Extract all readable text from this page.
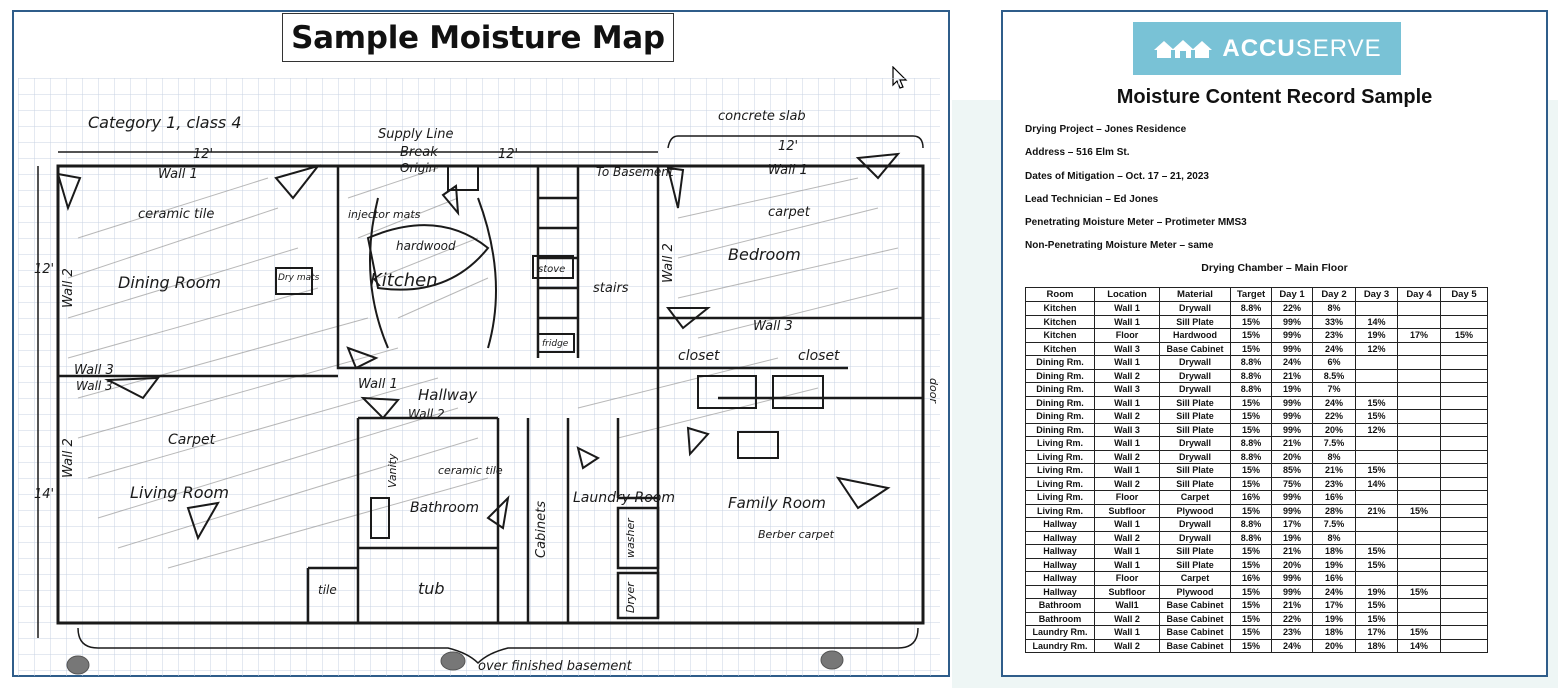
Sample Moisture Map
Category 1, class 4
Supply Line
Break
concrete slab
12'	12'
12'
12'
14'
Wall 1	Wall 1
Wall 1
Wall 2
Wall 2
Wall 2
Wall 2
Wall 3
Wall 3
Wall 3
Origin
ceramic tile
Dining Room	Kitchen
hardwood
injector mats
Dry mats
stove
fridge
stairs
To Basement
Bedroom
carpet
closet	closet
Hallway
Carpet
Living Room
Vanity
Bathroom
ceramic tile
tub
tile
Cabinets
Laundry Room
washer
Dryer
Family Room
Berber carpet
over finished basement
door
ACCU SERVE
Moisture Content Record Sample
Drying Project – Jones Residence
Address – 516 Elm St.
Dates of Mitigation – Oct. 17 – 21, 2023
Lead Technician – Ed Jones
Penetrating Moisture Meter – Protimeter MMS3
Non-Penetrating Moisture Meter – same
Drying Chamber – Main Floor
Room	Location	Material	Target	Day 1	Day 2	Day 3	Day 4	Day 5
Kitchen	Wall 1	Drywall	8.8%	22%	8%			
Kitchen	Wall 1	Sill Plate	15%	99%	33%	14%		
Kitchen	Floor	Hardwood	15%	99%	23%	19%	17%	15%
Kitchen	Wall 3	Base Cabinet	15%	99%	24%	12%		
Dining Rm.	Wall 1	Drywall	8.8%	24%	6%			
Dining Rm.	Wall 2	Drywall	8.8%	21%	8.5%			
Dining Rm.	Wall 3	Drywall	8.8%	19%	7%			
Dining Rm.	Wall 1	Sill Plate	15%	99%	24%	15%		
Dining Rm.	Wall 2	Sill Plate	15%	99%	22%	15%		
Dining Rm.	Wall 3	Sill Plate	15%	99%	20%	12%		
Living Rm.	Wall 1	Drywall	8.8%	21%	7.5%			
Living Rm.	Wall 2	Drywall	8.8%	20%	8%			
Living Rm.	Wall 1	Sill Plate	15%	85%	21%	15%		
Living Rm.	Wall 2	Sill Plate	15%	75%	23%	14%		
Living Rm.	Floor	Carpet	16%	99%	16%			
Living Rm.	Subfloor	Plywood	15%	99%	28%	21%	15%	
Hallway	Wall 1	Drywall	8.8%	17%	7.5%			
Hallway	Wall 2	Drywall	8.8%	19%	8%			
Hallway	Wall 1	Sill Plate	15%	21%	18%	15%		
Hallway	Wall 1	Sill Plate	15%	20%	19%	15%		
Hallway	Floor	Carpet	16%	99%	16%			
Hallway	Subfloor	Plywood	15%	99%	24%	19%	15%	
Bathroom	Wall1	Base Cabinet	15%	21%	17%	15%		
Bathroom	Wall 2	Base Cabinet	15%	22%	19%	15%		
Laundry Rm.	Wall 1	Base Cabinet	15%	23%	18%	17%	15%	
Laundry Rm.	Wall 2	Base Cabinet	15%	24%	20%	18%	14%	
